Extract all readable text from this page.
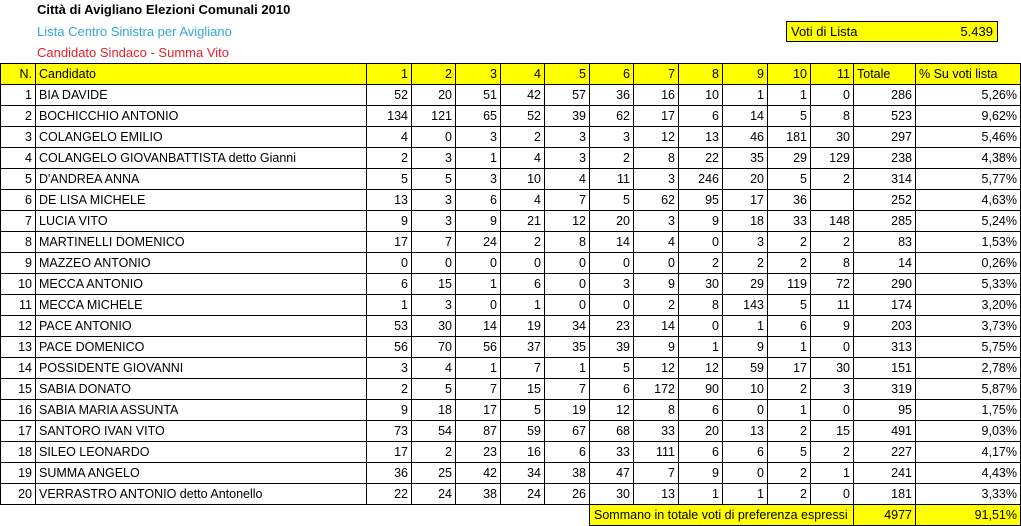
Città di Avigliano Elezioni Comunali 2010
Lista Centro Sinistra per Avigliano
Candidato Sindaco - Summa Vito
Voti di Lista	5.439
N.	Candidato	1	2	3	4	5	6	7	8	9	10	11	Totale	% Su voti lista
1	BIA DAVIDE	52	20	51	42	57	36	16	10	1	1	0	286	5,26%
2	BOCHICCHIO ANTONIO	134	121	65	52	39	62	17	6	14	5	8	523	9,62%
3	COLANGELO EMILIO	4	0	3	2	3	3	12	13	46	181	30	297	5,46%
4	COLANGELO GIOVANBATTISTA detto Gianni	2	3	1	4	3	2	8	22	35	29	129	238	4,38%
5	D'ANDREA ANNA	5	5	3	10	4	11	3	246	20	5	2	314	5,77%
6	DE LISA MICHELE	13	3	6	4	7	5	62	95	17	36		252	4,63%
7	LUCIA VITO	9	3	9	21	12	20	3	9	18	33	148	285	5,24%
8	MARTINELLI DOMENICO	17	7	24	2	8	14	4	0	3	2	2	83	1,53%
9	MAZZEO ANTONIO	0	0	0	0	0	0	0	2	2	2	8	14	0,26%
10	MECCA ANTONIO	6	15	1	6	0	3	9	30	29	119	72	290	5,33%
11	MECCA MICHELE	1	3	0	1	0	0	2	8	143	5	11	174	3,20%
12	PACE ANTONIO	53	30	14	19	34	23	14	0	1	6	9	203	3,73%
13	PACE DOMENICO	56	70	56	37	35	39	9	1	9	1	0	313	5,75%
14	POSSIDENTE GIOVANNI	3	4	1	7	1	5	12	12	59	17	30	151	2,78%
15	SABIA DONATO	2	5	7	15	7	6	172	90	10	2	3	319	5,87%
16	SABIA MARIA ASSUNTA	9	18	17	5	19	12	8	6	0	1	0	95	1,75%
17	SANTORO IVAN VITO	73	54	87	59	67	68	33	20	13	2	15	491	9,03%
18	SILEO LEONARDO	17	2	23	16	6	33	111	6	6	5	2	227	4,17%
19	SUMMA ANGELO	36	25	42	34	38	47	7	9	0	2	1	241	4,43%
20	VERRASTRO ANTONIO detto Antonello	22	24	38	24	26	30	13	1	1	2	0	181	3,33%
							Sommano in totale voti di preferenza espressi						4977	91,51%
